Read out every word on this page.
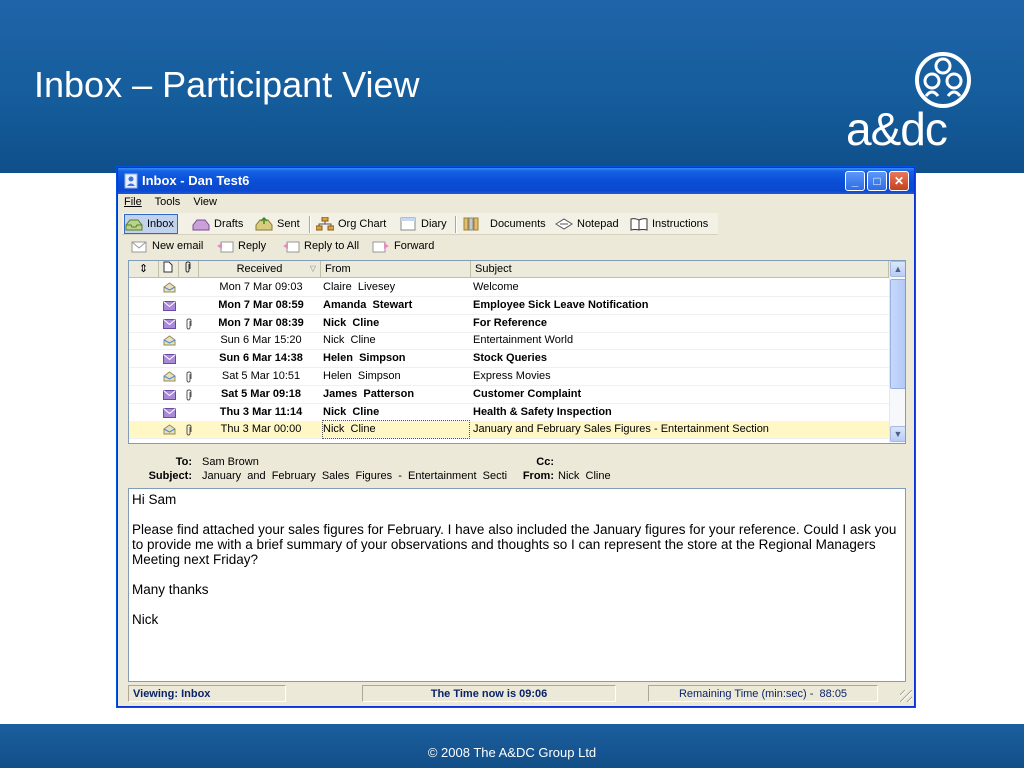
Inbox – Participant View
a&dc
Inbox - Dan Test6	_	□	✕
File Tools View
Inbox	Drafts	Sent	Org Chart	Diary	Documents	Notepad	Instructions
New email	Reply	Reply to All	Forward
⇕	Received	▽ From	Subject
Mon 7 Mar 09:03	Claire  Livesey	Welcome
Mon 7 Mar 08:59	Amanda  Stewart	Employee Sick Leave Notification
Mon 7 Mar 08:39	Nick  Cline	For Reference
Sun 6 Mar 15:20	Nick  Cline	Entertainment World
Sun 6 Mar 14:38	Helen  Simpson	Stock Queries
Sat 5 Mar 10:51	Helen  Simpson	Express Movies
Sat 5 Mar 09:18	James  Patterson	Customer Complaint
Thu 3 Mar 11:14	Nick  Cline	Health & Safety Inspection
Thu 3 Mar 00:00	Nick  Cline	January and February Sales Figures - Entertainment Section
▲
▼
To: Sam Brown	Cc:
Subject: January  and  February  Sales  Figures  -  Entertainment  Secti	From: Nick  Cline

Hi Sam

Please find attached your sales figures for February. I have also included the January figures for your reference. Could I ask you to provide me with a brief summary of your observations and thoughts so I can represent the store at the Regional Managers Meeting next Friday?

Many thanks

Nick

Viewing: Inbox	The Time now is 09:06	Remaining Time (min:sec) -  88:05
© 2008 The A&DC Group Ltd
